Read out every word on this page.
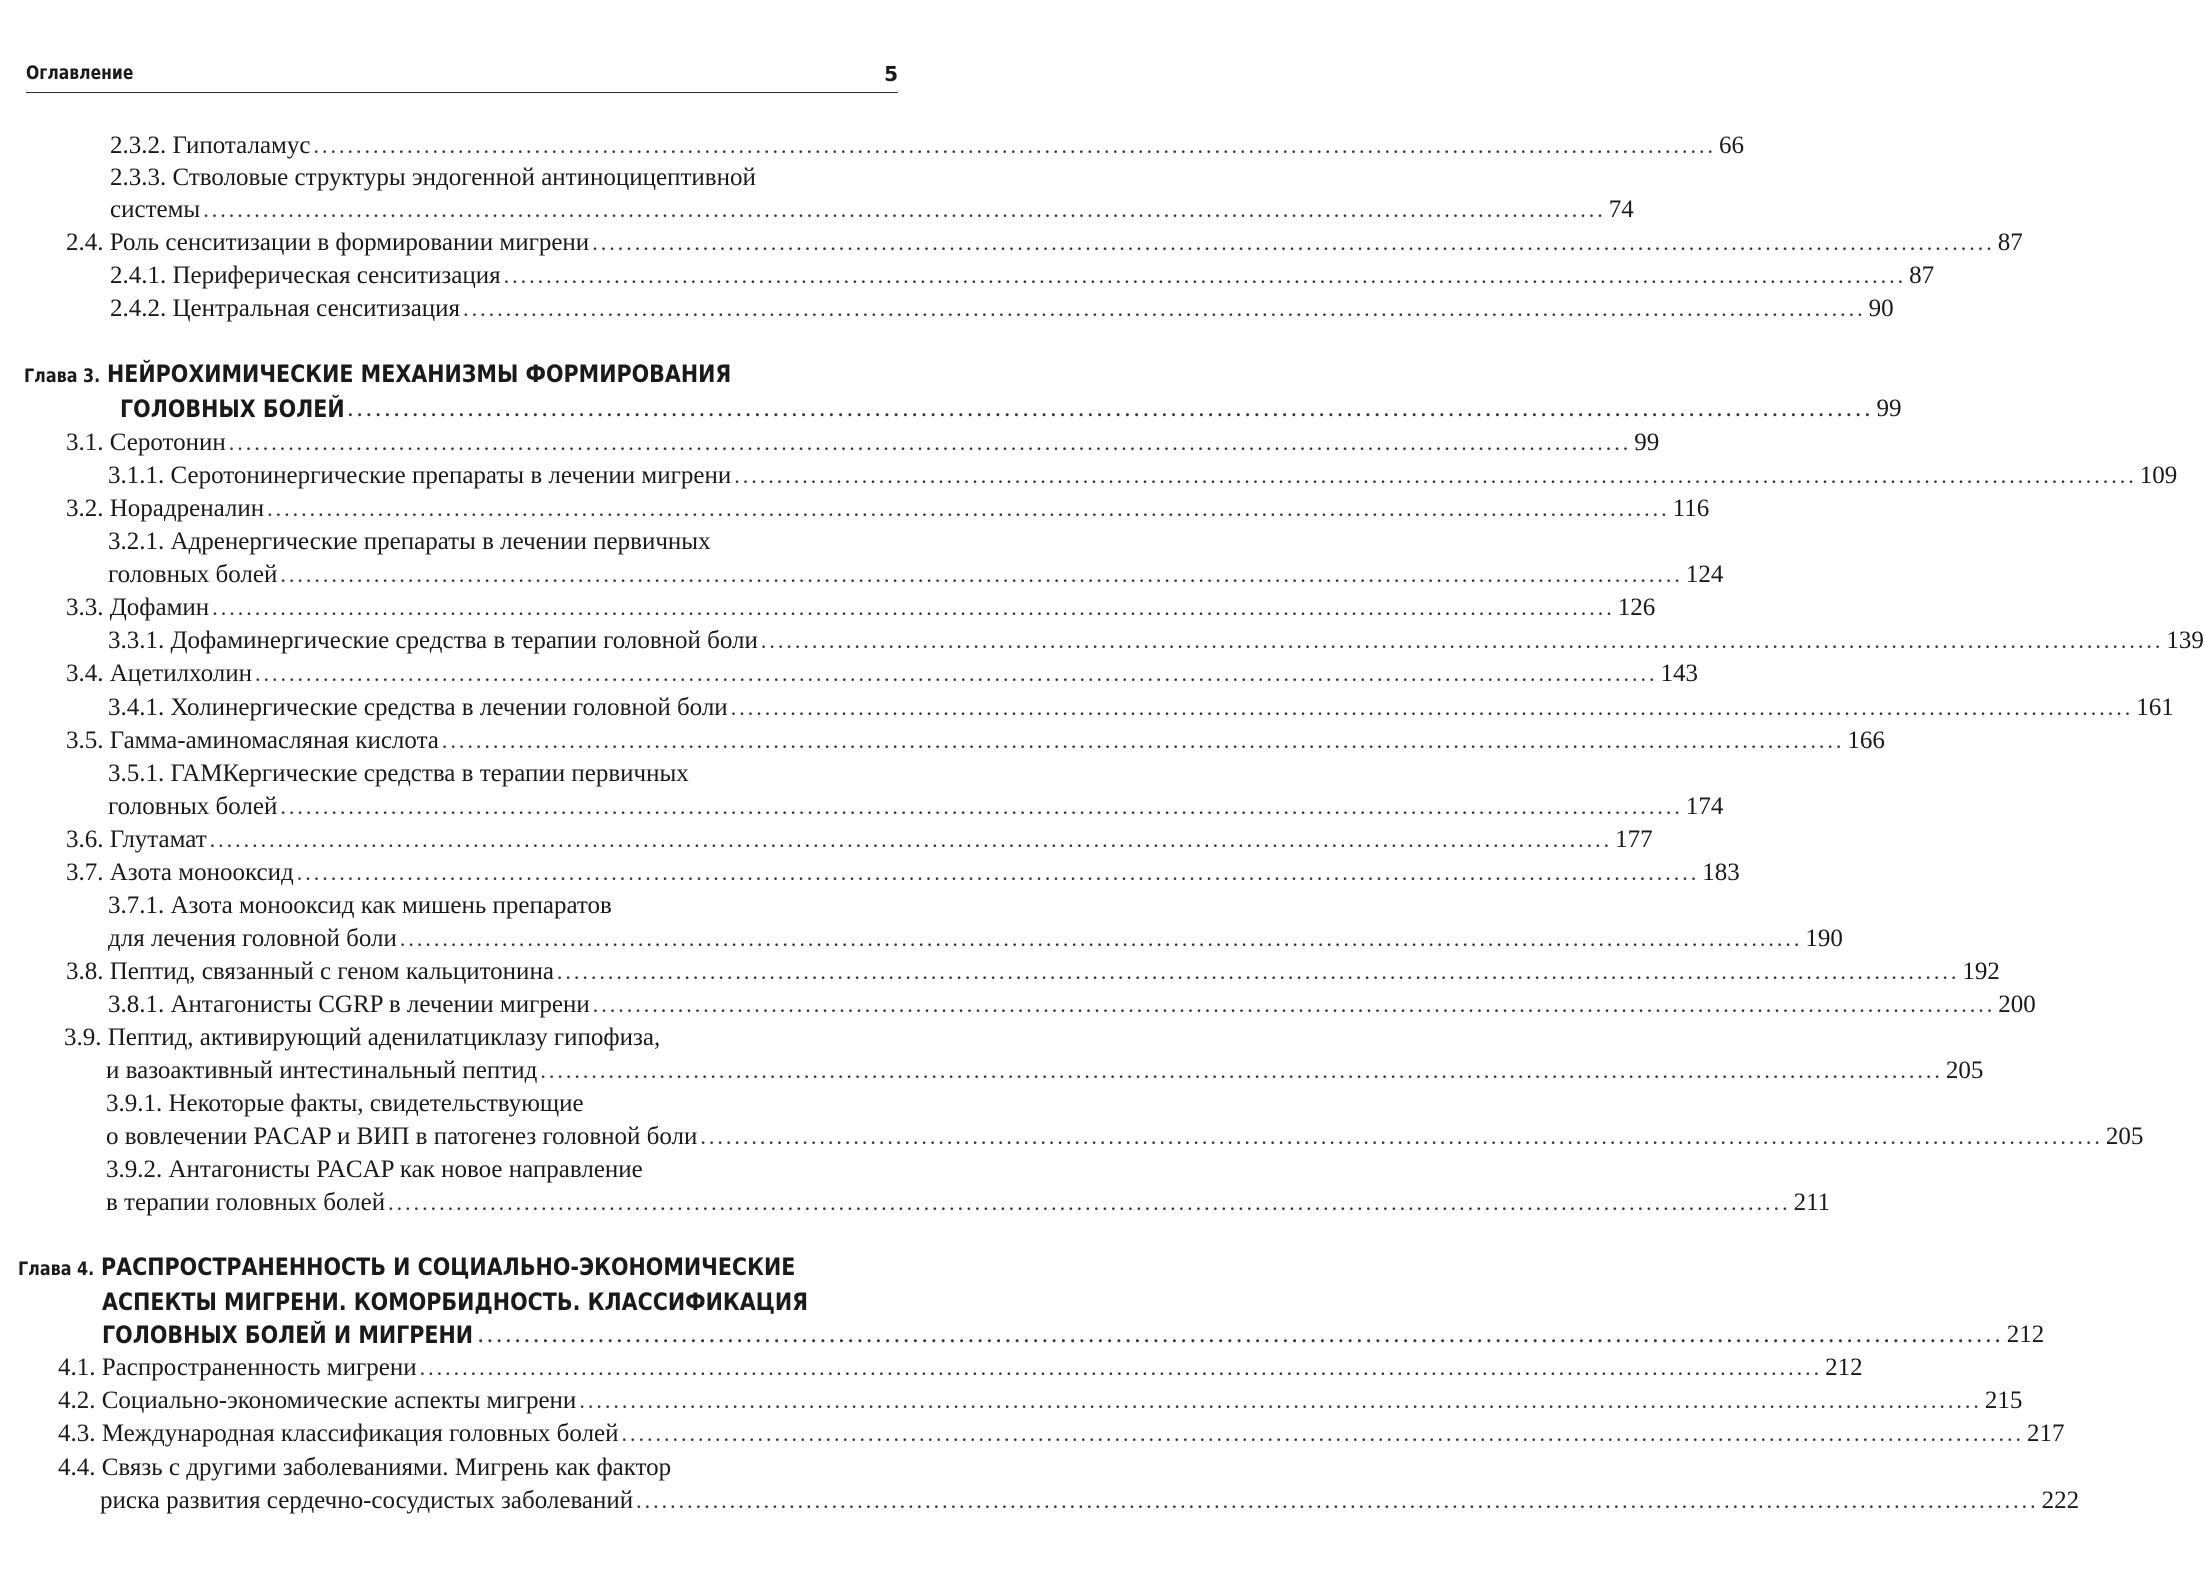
Оглавление	5
2.3.2. Гипоталамус ..................................................................................................................................................................... 66
2.3.3. Стволовые структуры эндогенной антиноцицептивной
системы ..................................................................................................................................................................... 74
2.4. Роль сенситизации в формировании мигрени ..................................................................................................................................................................... 87
2.4.1. Периферическая сенситизация ..................................................................................................................................................................... 87
2.4.2. Центральная сенситизация ..................................................................................................................................................................... 90
Глава 3. НЕЙРОХИМИЧЕСКИЕ МЕХАНИЗМЫ ФОРМИРОВАНИЯ
ГОЛОВНЫХ БОЛЕЙ ..................................................................................................................................................................... 99
3.1. Серотонин ..................................................................................................................................................................... 99
3.1.1. Серотонинергические препараты в лечении мигрени ..................................................................................................................................................................... 109
3.2. Норадреналин ..................................................................................................................................................................... 116
3.2.1. Адренергические препараты в лечении первичных
головных болей ..................................................................................................................................................................... 124
3.3. Дофамин ..................................................................................................................................................................... 126
3.3.1. Дофаминергические средства в терапии головной боли ..................................................................................................................................................................... 139
3.4. Ацетилхолин ..................................................................................................................................................................... 143
3.4.1. Холинергические средства в лечении головной боли ..................................................................................................................................................................... 161
3.5. Гамма-аминомасляная кислота ..................................................................................................................................................................... 166
3.5.1. ГАМКергические средства в терапии первичных
головных болей ..................................................................................................................................................................... 174
3.6. Глутамат ..................................................................................................................................................................... 177
3.7. Азота монооксид ..................................................................................................................................................................... 183
3.7.1. Азота монооксид как мишень препаратов
для лечения головной боли ..................................................................................................................................................................... 190
3.8. Пептид, связанный с геном кальцитонина ..................................................................................................................................................................... 192
3.8.1. Антагонисты CGRP в лечении мигрени ..................................................................................................................................................................... 200
3.9. Пептид, активирующий аденилатциклазу гипофиза,
и вазоактивный интестинальный пептид ..................................................................................................................................................................... 205
3.9.1. Некоторые факты, свидетельствующие
о вовлечении PACAP и ВИП в патогенез головной боли ..................................................................................................................................................................... 205
3.9.2. Антагонисты PACAP как новое направление
в терапии головных болей ..................................................................................................................................................................... 211
Глава 4. РАСПРОСТРАНЕННОСТЬ И СОЦИАЛЬНО-ЭКОНОМИЧЕСКИЕ
АСПЕКТЫ МИГРЕНИ. КОМОРБИДНОСТЬ. КЛАССИФИКАЦИЯ
ГОЛОВНЫХ БОЛЕЙ И МИГРЕНИ ..................................................................................................................................................................... 212
4.1. Распространенность мигрени ..................................................................................................................................................................... 212
4.2. Социально-экономические аспекты мигрени ..................................................................................................................................................................... 215
4.3. Международная классификация головных болей ..................................................................................................................................................................... 217
4.4. Связь с другими заболеваниями. Мигрень как фактор
риска развития сердечно-сосудистых заболеваний ..................................................................................................................................................................... 222
